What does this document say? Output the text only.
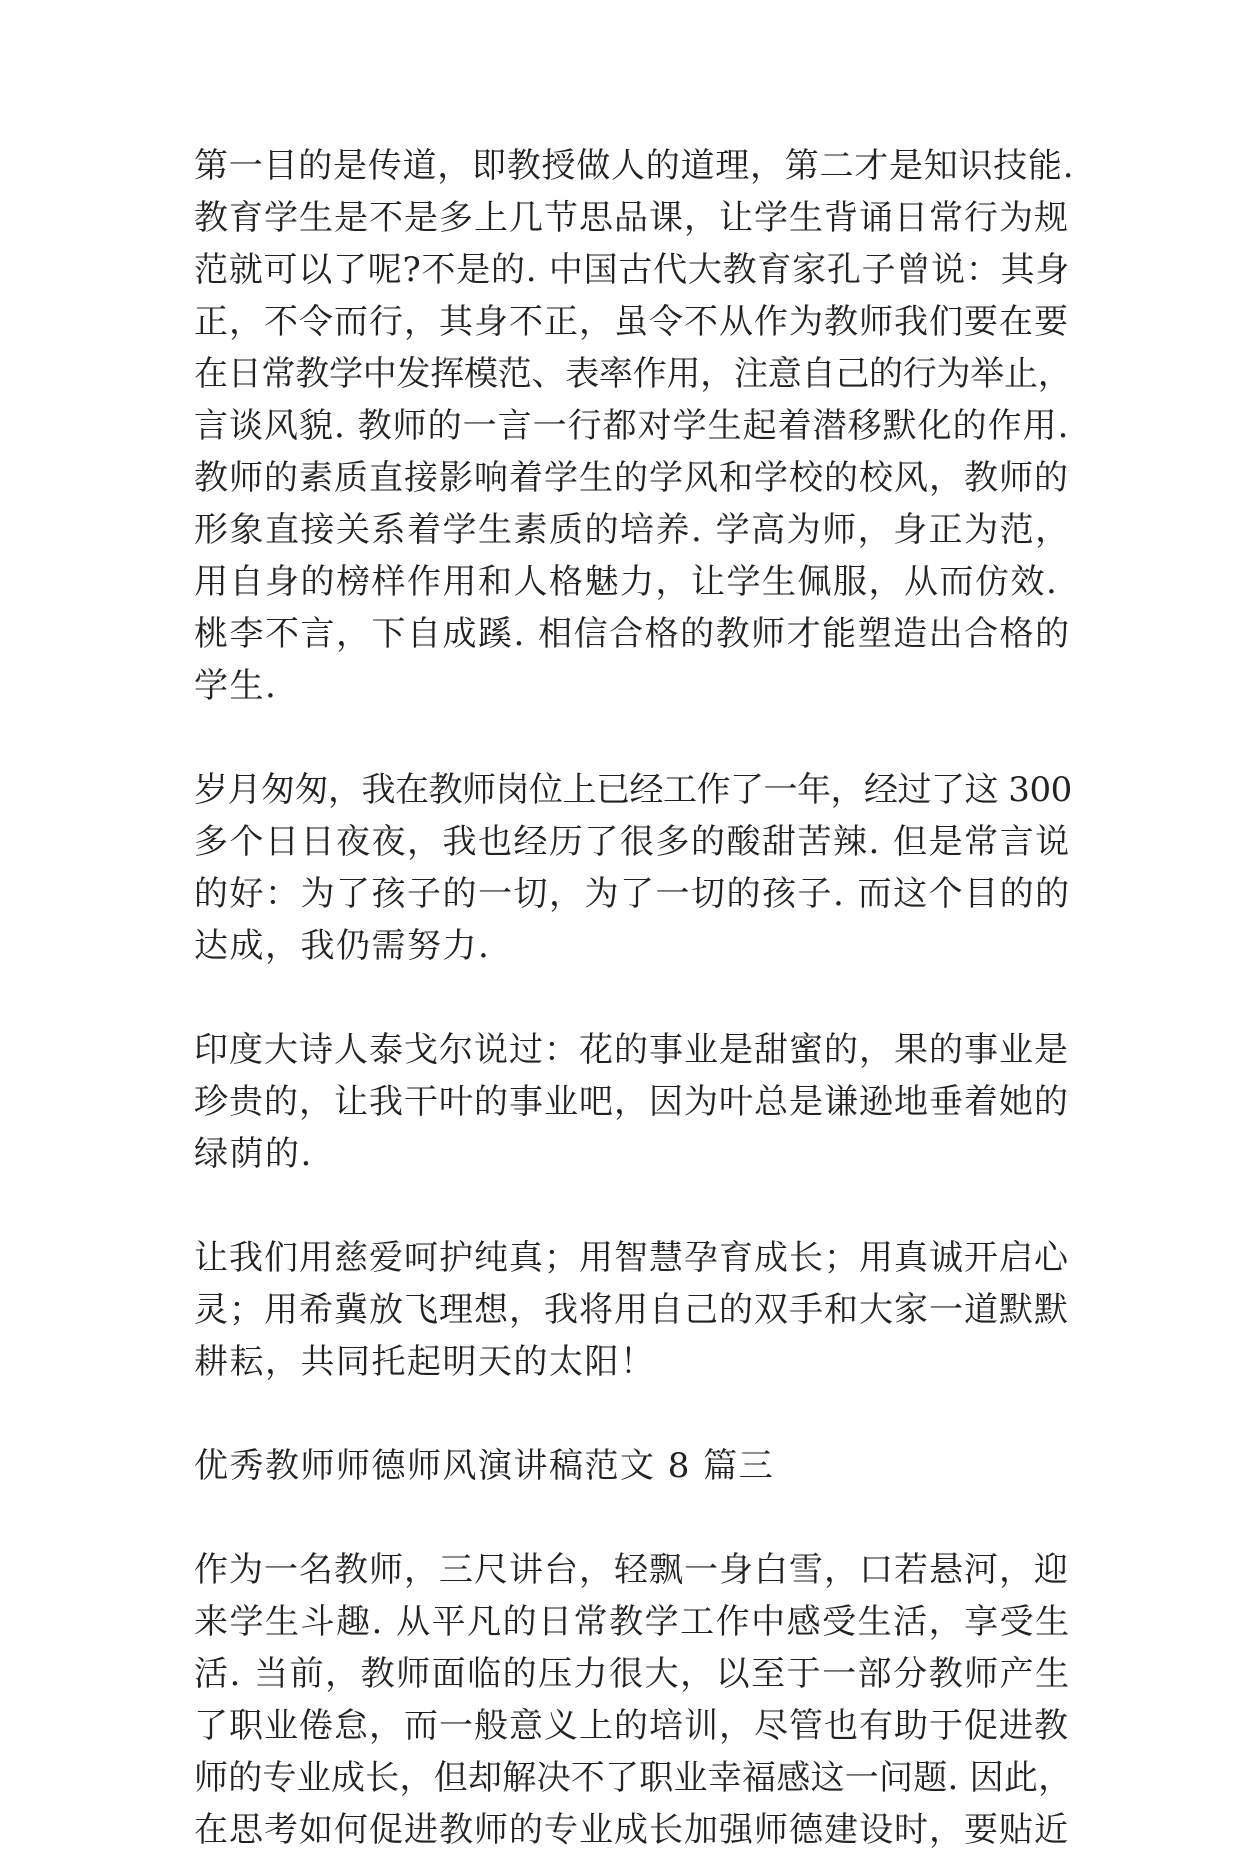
第一目的是传道，即教授做人的道理，第二才是知识技能.
教育学生是不是多上几节思品课，让学生背诵日常行为规
范就可以了呢?不是的. 中国古代大教育家孔子曾说：其身
正，不令而行，其身不正，虽令不从作为教师我们要在要
在日常教学中发挥模范、表率作用，注意自己的行为举止，
言谈风貌. 教师的一言一行都对学生起着潜移默化的作用.
教师的素质直接影响着学生的学风和学校的校风，教师的
形象直接关系着学生素质的培养. 学高为师，身正为范，
用自身的榜样作用和人格魅力，让学生佩服，从而仿效.
桃李不言，下自成蹊. 相信合格的教师才能塑造出合格的
学生.

岁月匆匆，我在教师岗位上已经工作了一年，经过了这 300
多个日日夜夜，我也经历了很多的酸甜苦辣. 但是常言说
的好：为了孩子的一切，为了一切的孩子. 而这个目的的
达成，我仍需努力.

印度大诗人泰戈尔说过：花的事业是甜蜜的，果的事业是
珍贵的，让我干叶的事业吧，因为叶总是谦逊地垂着她的
绿荫的.

让我们用慈爱呵护纯真；用智慧孕育成长；用真诚开启心
灵；用希冀放飞理想，我将用自己的双手和大家一道默默
耕耘，共同托起明天的太阳！

优秀教师师德师风演讲稿范文 8 篇三

作为一名教师，三尺讲台，轻飘一身白雪，口若悬河，迎
来学生斗趣. 从平凡的日常教学工作中感受生活，享受生
活. 当前，教师面临的压力很大，以至于一部分教师产生
了职业倦怠，而一般意义上的培训，尽管也有助于促进教
师的专业成长，但却解决不了职业幸福感这一问题. 因此，
在思考如何促进教师的专业成长加强师德建设时，要贴近
